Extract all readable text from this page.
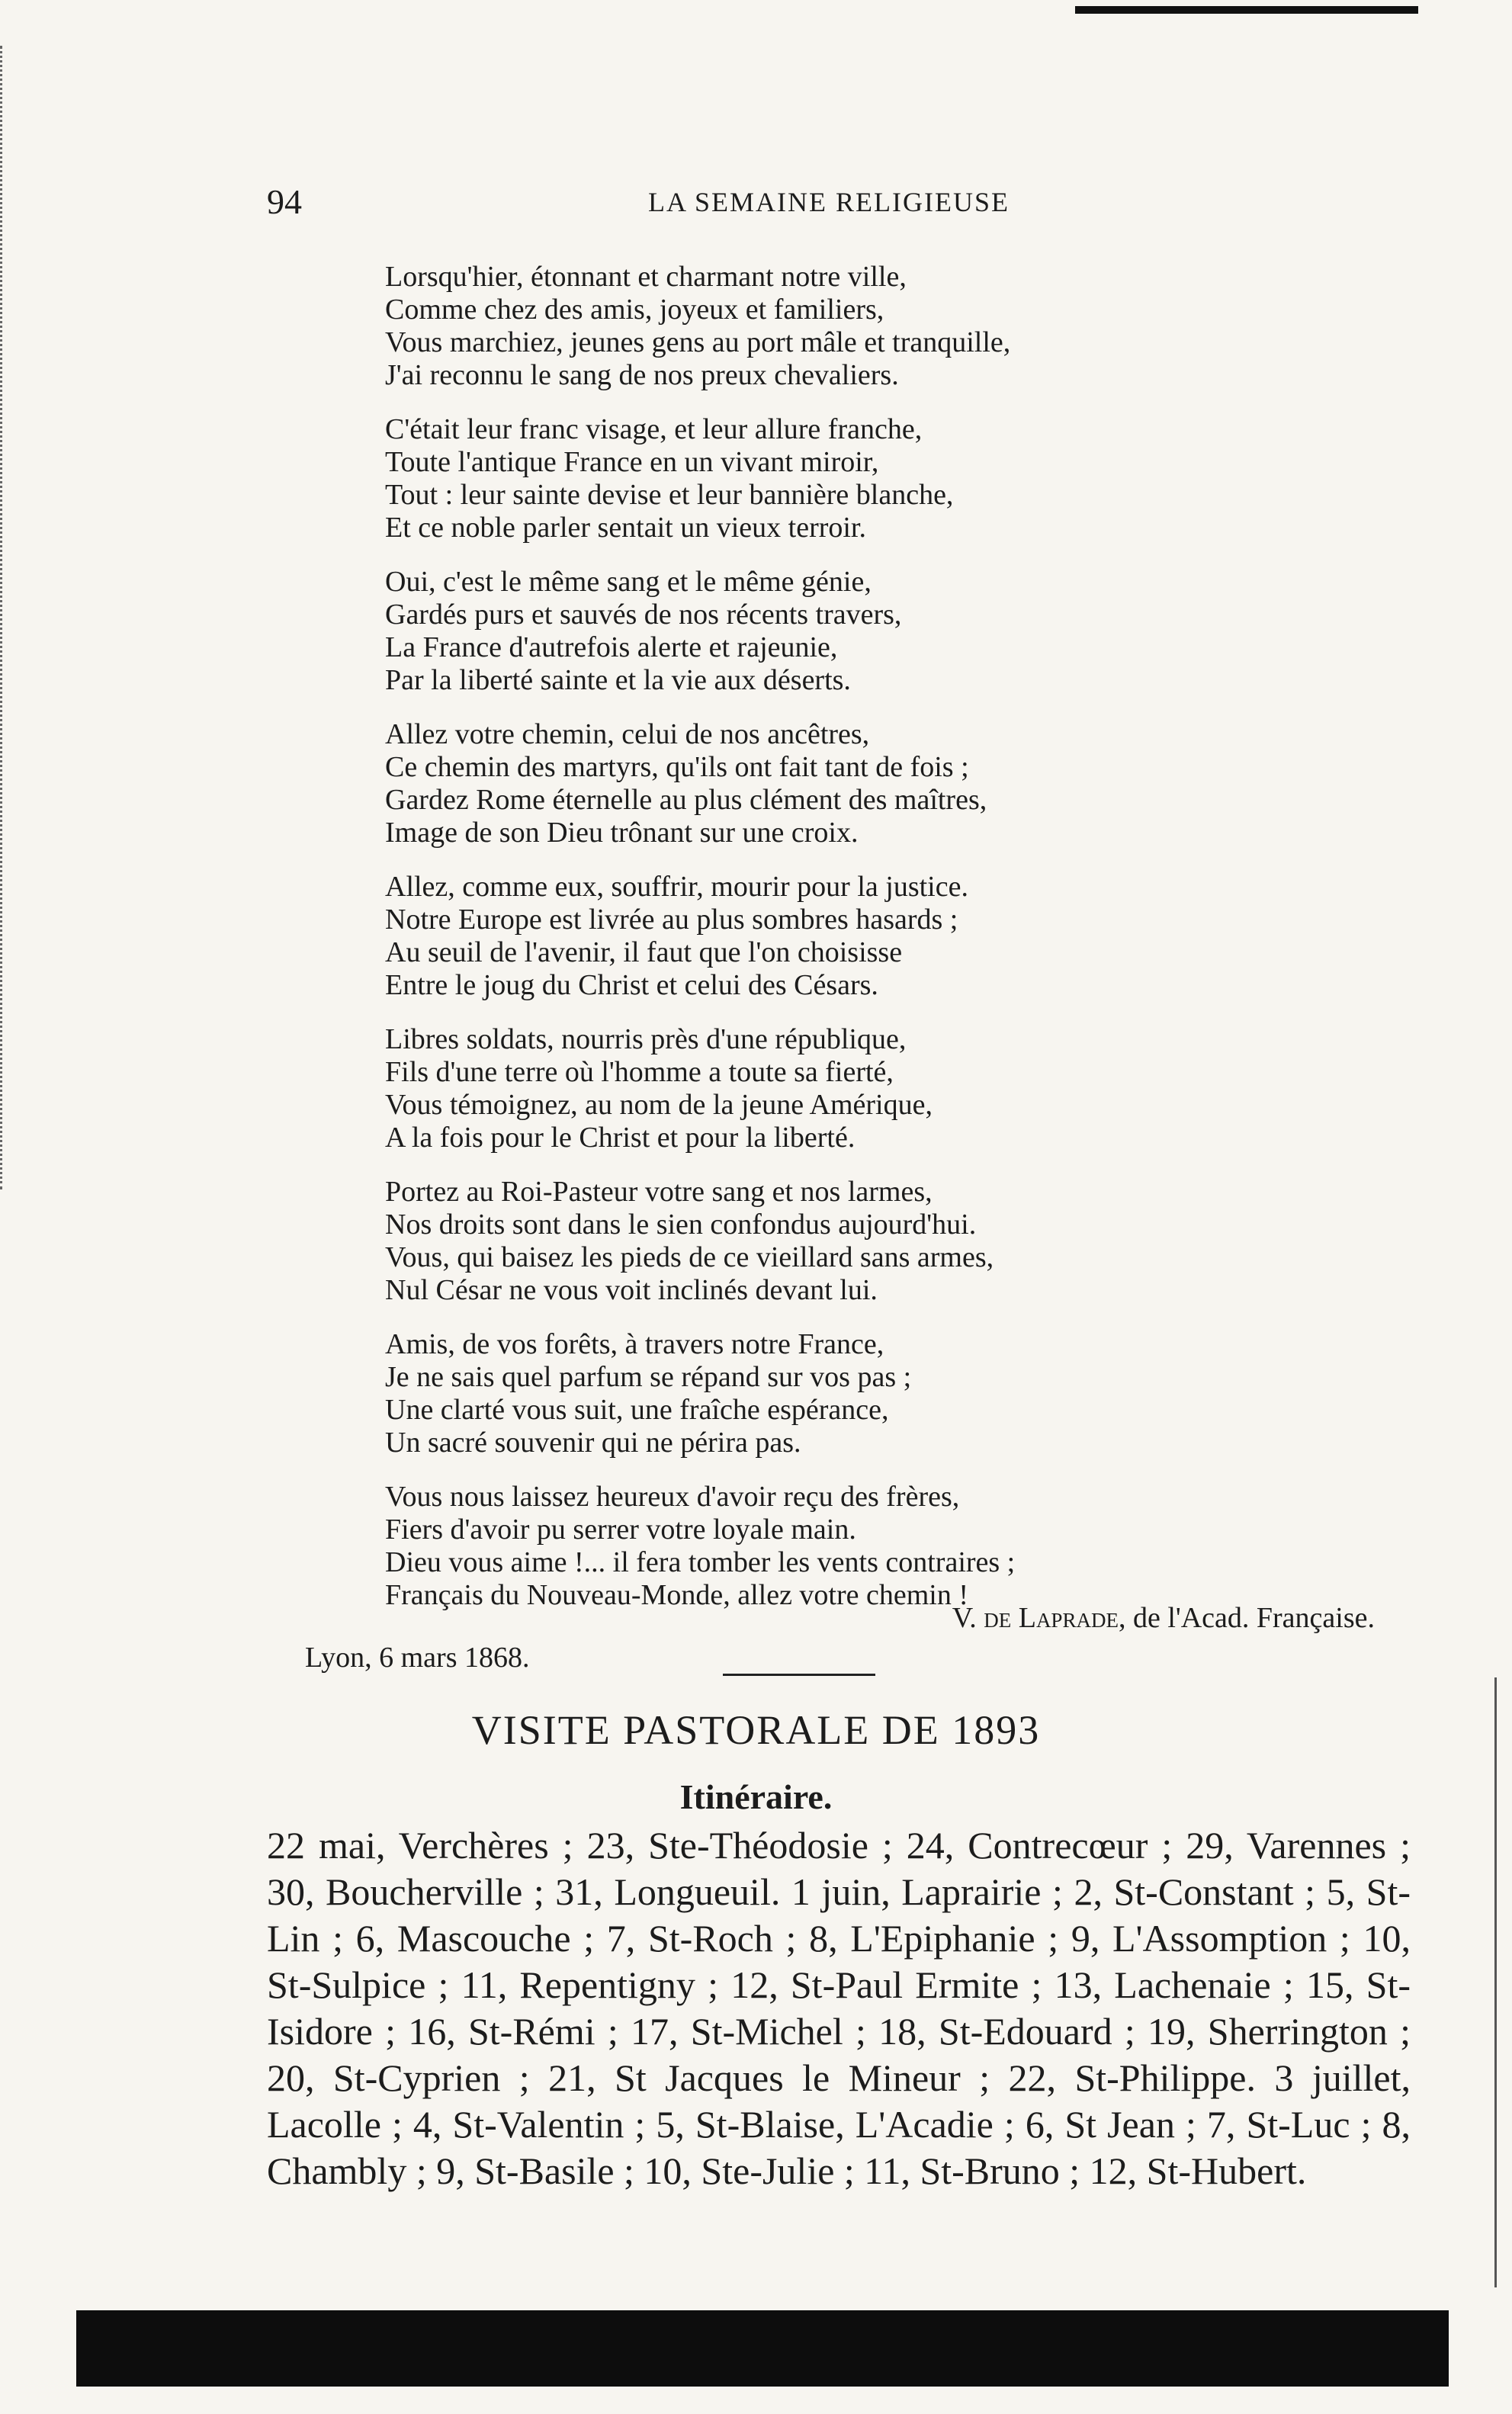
94	LA SEMAINE RELIGIEUSE
Lorsqu'hier, étonnant et charmant notre ville,
Comme chez des amis, joyeux et familiers,
Vous marchiez, jeunes gens au port mâle et tranquille,
J'ai reconnu le sang de nos preux chevaliers.
C'était leur franc visage, et leur allure franche,
Toute l'antique France en un vivant miroir,
Tout : leur sainte devise et leur bannière blanche,
Et ce noble parler sentait un vieux terroir.
Oui, c'est le même sang et le même génie,
Gardés purs et sauvés de nos récents travers,
La France d'autrefois alerte et rajeunie,
Par la liberté sainte et la vie aux déserts.
Allez votre chemin, celui de nos ancêtres,
Ce chemin des martyrs, qu'ils ont fait tant de fois ;
Gardez Rome éternelle au plus clément des maîtres,
Image de son Dieu trônant sur une croix.
Allez, comme eux, souffrir, mourir pour la justice.
Notre Europe est livrée au plus sombres hasards ;
Au seuil de l'avenir, il faut que l'on choisisse
Entre le joug du Christ et celui des Césars.
Libres soldats, nourris près d'une république,
Fils d'une terre où l'homme a toute sa fierté,
Vous témoignez, au nom de la jeune Amérique,
A la fois pour le Christ et pour la liberté.
Portez au Roi-Pasteur votre sang et nos larmes,
Nos droits sont dans le sien confondus aujourd'hui.
Vous, qui baisez les pieds de ce vieillard sans armes,
Nul César ne vous voit inclinés devant lui.
Amis, de vos forêts, à travers notre France,
Je ne sais quel parfum se répand sur vos pas ;
Une clarté vous suit, une fraîche espérance,
Un sacré souvenir qui ne périra pas.
Vous nous laissez heureux d'avoir reçu des frères,
Fiers d'avoir pu serrer votre loyale main.
Dieu vous aime !... il fera tomber les vents contraires ;
Français du Nouveau-Monde, allez votre chemin !
V. de Laprade, de l'Acad. Française.
Lyon, 6 mars 1868.
VISITE PASTORALE DE 1893
Itinéraire.
22 mai, Verchères ; 23, Ste-Théodosie ; 24, Contrecœur ; 29, Varennes ; 30, Boucherville ; 31, Longueuil. 1 juin, Laprairie ; 2, St-Constant ; 5, St-Lin ; 6, Mascouche ; 7, St-Roch ; 8, L'Epiphanie ; 9, L'Assomption ; 10, St-Sulpice ; 11, Repentigny ; 12, St-Paul Ermite ; 13, Lachenaie ; 15, St-Isidore ; 16, St-Rémi ; 17, St-Michel ; 18, St-Edouard ; 19, Sherrington ; 20, St-Cyprien ; 21, St Jacques le Mineur ; 22, St-Philippe. 3 juillet, Lacolle ; 4, St-Valentin ; 5, St-Blaise, L'Acadie ; 6, St Jean ; 7, St-Luc ; 8, Chambly ; 9, St-Basile ; 10, Ste-Julie ; 11, St-Bruno ; 12, St-Hubert.
